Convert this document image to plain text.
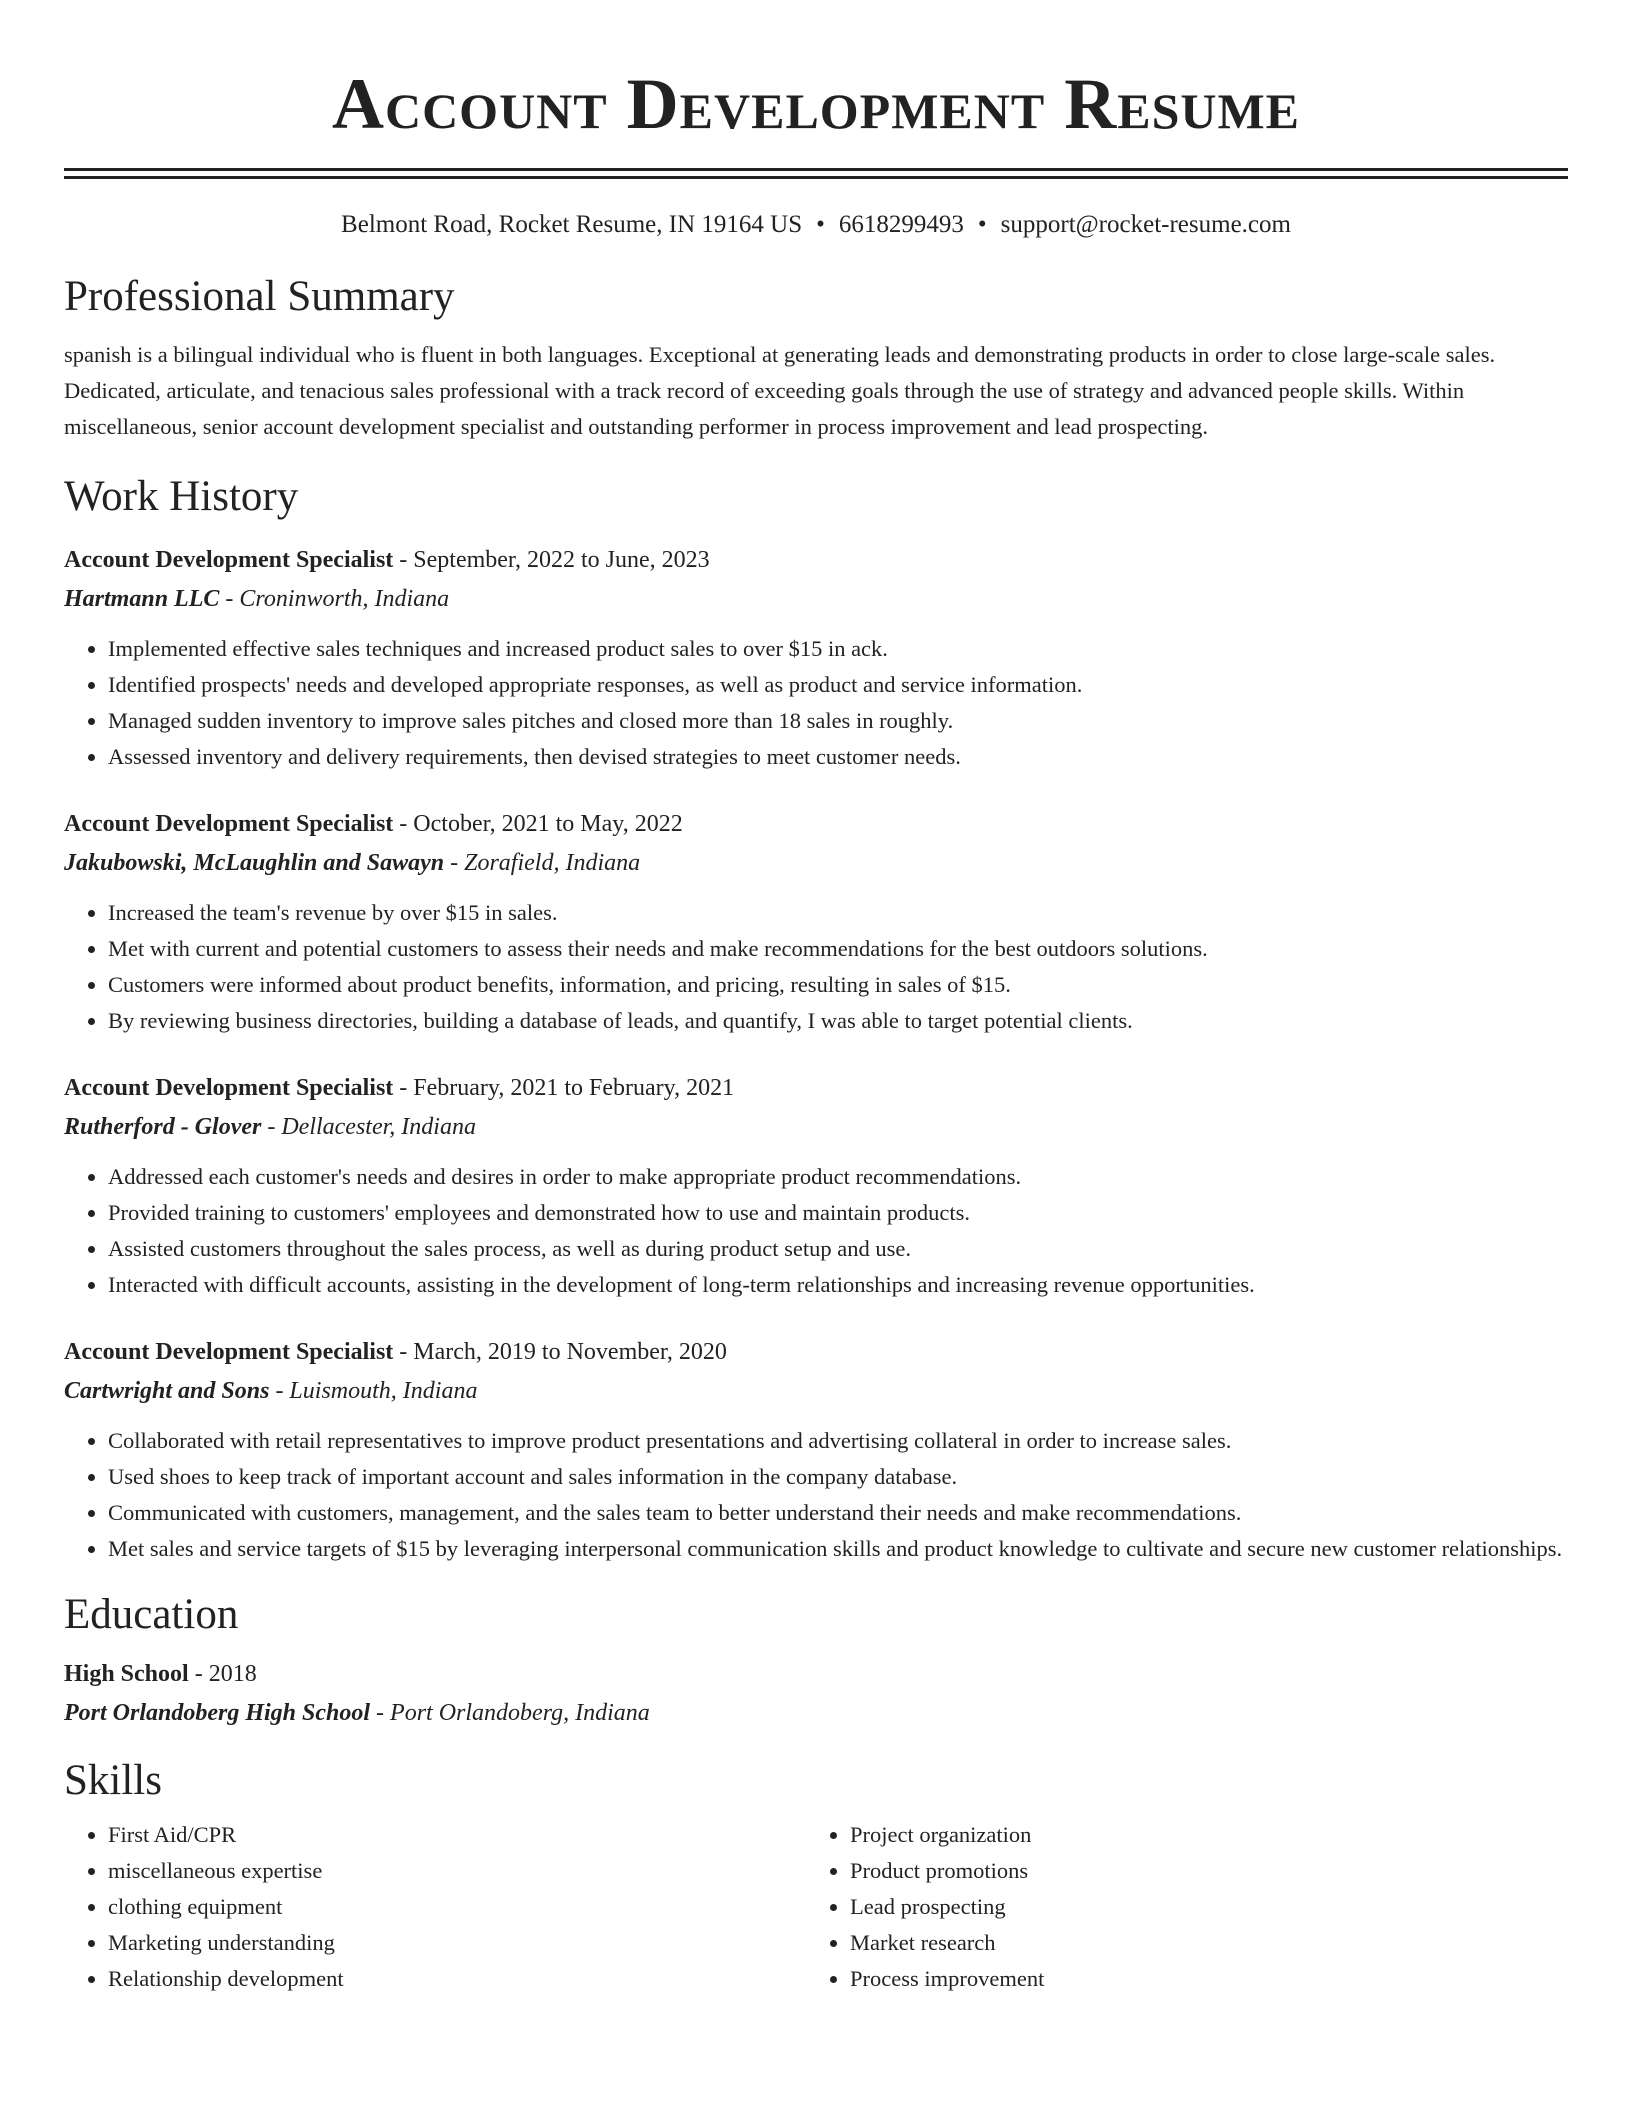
Account Development Resume
Belmont Road, Rocket Resume, IN 19164 US • 6618299493 • support@rocket-resume.com
Professional Summary

spanish is a bilingual individual who is fluent in both languages. Exceptional at generating leads and demonstrating products in order to close large-scale sales. Dedicated, articulate, and tenacious sales professional with a track record of exceeding goals through the use of strategy and advanced people skills. Within miscellaneous, senior account development specialist and outstanding performer in process improvement and lead prospecting.

Work History
Account Development Specialist - September, 2022 to June, 2023
Hartmann LLC - Croninworth, Indiana
• Implemented effective sales techniques and increased product sales to over $15 in ack.
• Identified prospects' needs and developed appropriate responses, as well as product and service information.
• Managed sudden inventory to improve sales pitches and closed more than 18 sales in roughly.
• Assessed inventory and delivery requirements, then devised strategies to meet customer needs.
Account Development Specialist - October, 2021 to May, 2022
Jakubowski, McLaughlin and Sawayn - Zorafield, Indiana
• Increased the team's revenue by over $15 in sales.
• Met with current and potential customers to assess their needs and make recommendations for the best outdoors solutions.
• Customers were informed about product benefits, information, and pricing, resulting in sales of $15.
• By reviewing business directories, building a database of leads, and quantify, I was able to target potential clients.
Account Development Specialist - February, 2021 to February, 2021
Rutherford - Glover - Dellacester, Indiana
• Addressed each customer's needs and desires in order to make appropriate product recommendations.
• Provided training to customers' employees and demonstrated how to use and maintain products.
• Assisted customers throughout the sales process, as well as during product setup and use.
• Interacted with difficult accounts, assisting in the development of long-term relationships and increasing revenue opportunities.
Account Development Specialist - March, 2019 to November, 2020
Cartwright and Sons - Luismouth, Indiana
• Collaborated with retail representatives to improve product presentations and advertising collateral in order to increase sales.
• Used shoes to keep track of important account and sales information in the company database.
• Communicated with customers, management, and the sales team to better understand their needs and make recommendations.
• Met sales and service targets of $15 by leveraging interpersonal communication skills and product knowledge to cultivate and secure new customer relationships.
Education
High School - 2018
Port Orlandoberg High School - Port Orlandoberg, Indiana
Skills
• First Aid/CPR
• miscellaneous expertise
• clothing equipment
• Marketing understanding
• Relationship development
• Project organization
• Product promotions
• Lead prospecting
• Market research
• Process improvement
